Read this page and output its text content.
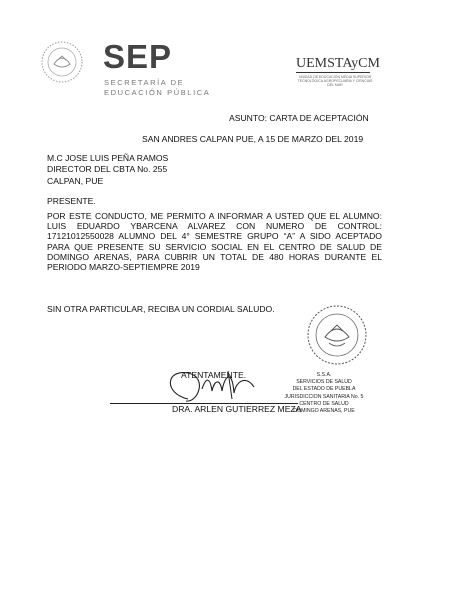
SEP
SECRETARÍA DE
EDUCACIÓN PÚBLICA
UEMSTAyCM
UNIDAD DE EDUCACIÓN MEDIA SUPERIOR TECNOLÓGICA AGROPECUARIA Y CIENCIAS DEL MAR
ASUNTO: CARTA DE ACEPTACIÓN
SAN ANDRES CALPAN PUE, A 15 DE MARZO DEL 2019
M.C JOSE LUIS PEÑA RAMOS
DIRECTOR DEL CBTA No. 255
CALPAN, PUE
PRESENTE.
POR ESTE CONDUCTO, ME PERMITO A INFORMAR A USTED QUE EL ALUMNO: LUIS EDUARDO YBARCENA ALVAREZ CON NUMERO DE CONTROL: 17121012550028 ALUMNO DEL 4° SEMESTRE GRUPO “A” A SIDO ACEPTADO PARA QUE PRESENTE SU SERVICIO SOCIAL EN EL CENTRO DE SALUD DE DOMINGO ARENAS, PARA CUBRIR UN TOTAL DE 480 HORAS DURANTE EL PERIODO MARZO-SEPTIEMPRE 2019
SIN OTRA PARTICULAR, RECIBA UN CORDIAL SALUDO.
S.S.A.
SERVICIOS DE SALUD
DEL ESTADO DE PUEBLA
JURISDICCION SANITARIA No. 5
CENTRO DE SALUD
DOMINGO ARENAS, PUE
ATENTAMENTE.
DRA. ARLEN GUTIERREZ MEZA
